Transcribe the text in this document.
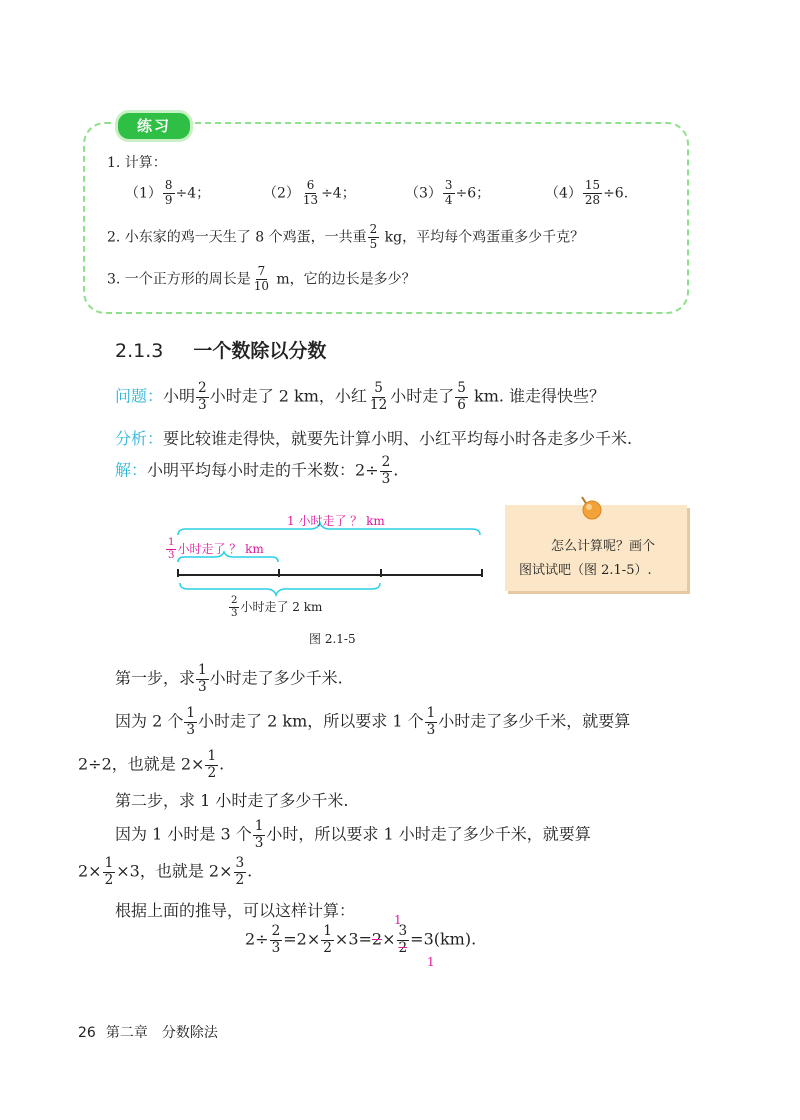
练习
1. 计算：
$(1) \frac{8}{9} \div 4$；	$(2) \frac{6}{13} \div 4$；	$(3) \frac{3}{4} \div 6$；	$(4) \frac{15}{28} \div 6$.
2. 小东家的鸡一天生了 8 个鸡蛋，一共重 $\frac{2}{5}$ kg，平均每个鸡蛋重多少千克？
3. 一个正方形的周长是 $\frac{7}{10}$ m，它的边长是多少？
2.1.3 一个数除以分数
问题：小明 $\frac{2}{3}$ 小时走了 2 km，小红 $\frac{5}{12}$ 小时走了 $\frac{5}{6}$ km. 谁走得快些？
分析：要比较谁走得快，就要先计算小明、小红平均每小时各走多少千米.
解：小明平均每小时走的千米数：$2\div \frac{2}{3}$ .
1 小时走了 ？ km
$\frac{1}{3}$ 小时走了 ？ km
$\frac{2}{3}$ 小时走了 2 km
图 2.1-5
怎么计算呢？画个
图试试吧（图 2.1-5）.
第一步，求 $\frac{1}{3}$ 小时走了多少千米.
因为 2 个 $\frac{1}{3}$ 小时走了 2 km，所以要求 1 个 $\frac{1}{3}$ 小时走了多少千米，就要算
2÷2，也就是 $2\times \frac{1}{2}$ .
第二步，求 1 小时走了多少千米.
因为 1 小时是 3 个 $\frac{1}{3}$ 小时，所以要求 1 小时走了多少千米，就要算
$2\times \frac{1}{2} \times 3$，也就是 $2\times \frac{3}{2}$ .
根据上面的推导，可以这样计算：
$2\div \frac{2}{3} =2\times \frac{1}{2} \times 3=2\times \frac{3}{2} =3(km)$.
1
1
26 第二章 分数除法
